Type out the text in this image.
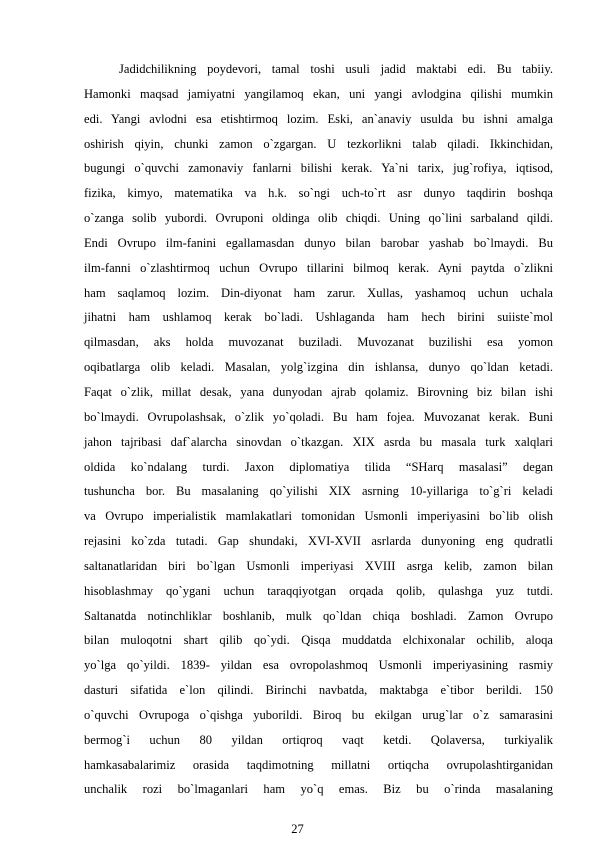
Jadidchilikning poydevori, tamal toshi usuli jadid maktabi edi. Bu tabiiy.
Hamonki maqsad jamiyatni yangilamoq ekan, uni yangi avlodgina qilishi mumkin
edi. Yangi avlodni esa etishtirmoq lozim. Eski, an`anaviy usulda bu ishni amalga
oshirish qiyin, chunki zamon o`zgargan. U tezkorlikni talab qiladi. Ikkinchidan,
bugungi o`quvchi zamonaviy fanlarni bilishi kerak. Ya`ni tarix, jug`rofiya, iqtisod,
fizika, kimyo, matematika va h.k. so`ngi uch-to`rt asr dunyo taqdirin boshqa
o`zanga solib yubordi. Ovruponi oldinga olib chiqdi. Uning qo`lini sarbaland qildi.
Endi Ovrupo ilm-fanini egallamasdan dunyo bilan barobar yashab bo`lmaydi. Bu
ilm-fanni o`zlashtirmoq uchun Ovrupo tillarini bilmoq kerak. Ayni paytda o`zlikni
ham saqlamoq lozim. Din-diyonat ham zarur. Xullas, yashamoq uchun uchala
jihatni ham ushlamoq kerak bo`ladi. Ushlaganda ham hech birini suiiste`mol
qilmasdan, aks holda muvozanat buziladi. Muvozanat buzilishi esa yomon
oqibatlarga olib keladi. Masalan, yolg`izgina din ishlansa, dunyo qo`ldan ketadi.
Faqat o`zlik, millat desak, yana dunyodan ajrab qolamiz. Birovning biz bilan ishi
bo`lmaydi. Ovrupolashsak, o`zlik yo`qoladi. Bu ham fojea. Muvozanat kerak. Buni
jahon tajribasi daf`alarcha sinovdan o`tkazgan. XIX asrda bu masala turk xalqlari
oldida ko`ndalang turdi. Jaxon diplomatiya tilida “SHarq masalasi” degan
tushuncha bor. Bu masalaning qo`yilishi XIX asrning 10-yillariga to`g`ri keladi
va Ovrupo imperialistik mamlakatlari tomonidan Usmonli imperiyasini bo`lib olish
rejasini ko`zda tutadi. Gap shundaki, XVI-XVII asrlarda dunyoning eng qudratli
saltanatlaridan biri bo`lgan Usmonli imperiyasi XVIII asrga kelib, zamon bilan
hisoblashmay qo`ygani uchun taraqqiyotgan orqada qolib, qulashga yuz tutdi.
Saltanatda notinchliklar boshlanib, mulk qo`ldan chiqa boshladi. Zamon Ovrupo
bilan muloqotni shart qilib qo`ydi. Qisqa muddatda elchixonalar ochilib, aloqa
yo`lga qo`yildi. 1839- yildan esa ovropolashmoq Usmonli imperiyasining rasmiy
dasturi sifatida e`lon qilindi. Birinchi navbatda, maktabga e`tibor berildi. 150
o`quvchi Ovrupoga o`qishga yuborildi. Biroq bu ekilgan urug`lar o`z samarasini
bermog`i uchun 80 yildan ortiqroq vaqt ketdi. Qolaversa, turkiyalik
hamkasabalarimiz orasida taqdimotning millatni ortiqcha ovrupolashtirganidan
unchalik rozi bo`lmaganlari ham yo`q emas. Biz bu o`rinda masalaning
27
